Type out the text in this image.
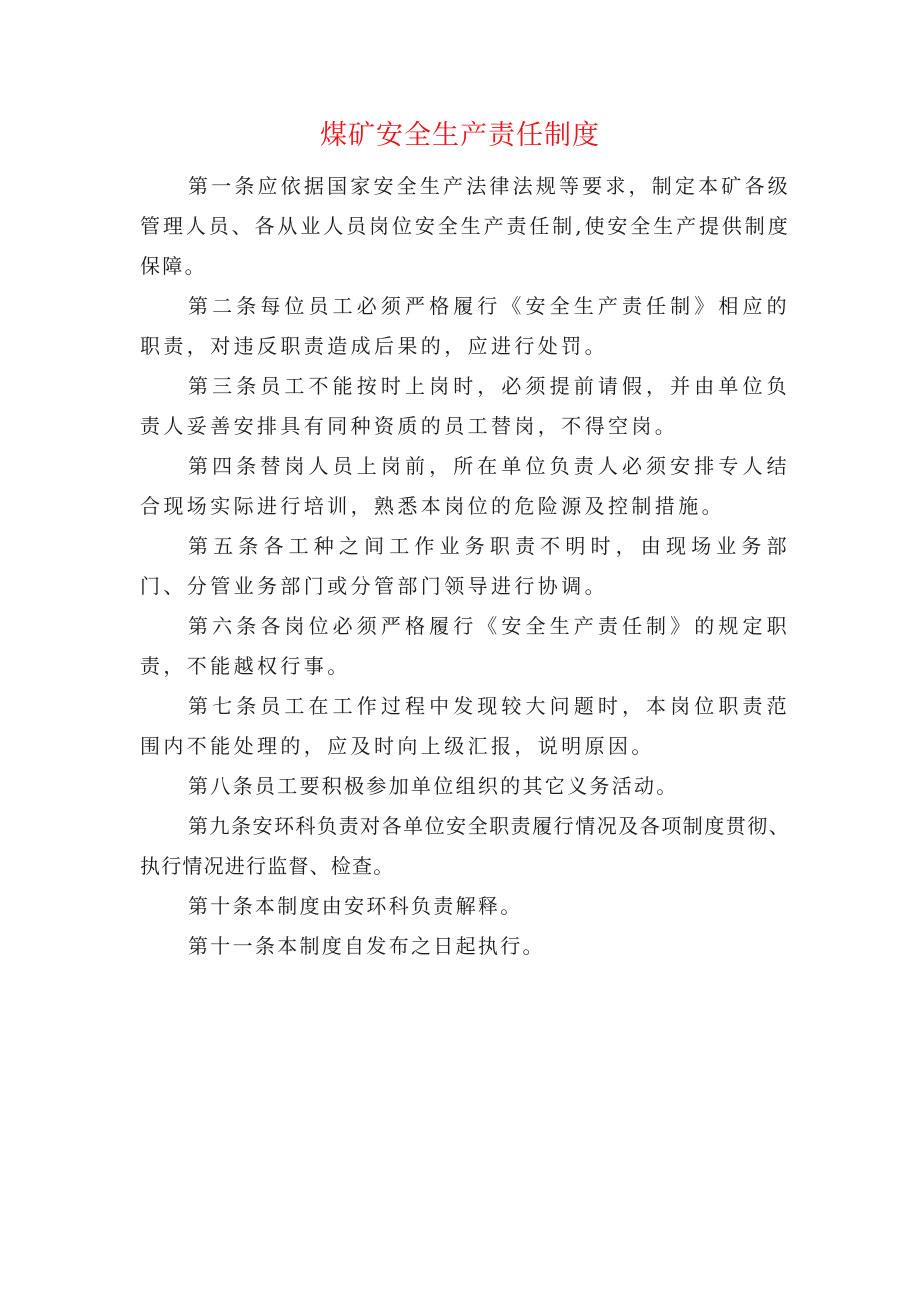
煤矿安全生产责任制度

第一条应依据国家安全生产法律法规等要求，制定本矿各级管理人员、各从业人员岗位安全生产责任制,使安全生产提供制度保障。

第二条每位员工必须严格履行《安全生产责任制》相应的职责，对违反职责造成后果的，应进行处罚。

第三条员工不能按时上岗时，必须提前请假，并由单位负责人妥善安排具有同种资质的员工替岗，不得空岗。

第四条替岗人员上岗前，所在单位负责人必须安排专人结合现场实际进行培训，熟悉本岗位的危险源及控制措施。

第五条各工种之间工作业务职责不明时，由现场业务部门、分管业务部门或分管部门领导进行协调。

第六条各岗位必须严格履行《安全生产责任制》的规定职责，不能越权行事。

第七条员工在工作过程中发现较大问题时，本岗位职责范围内不能处理的，应及时向上级汇报，说明原因。

第八条员工要积极参加单位组织的其它义务活动。

第九条安环科负责对各单位安全职责履行情况及各项制度贯彻、执行情况进行监督、检查。

第十条本制度由安环科负责解释。

第十一条本制度自发布之日起执行。
